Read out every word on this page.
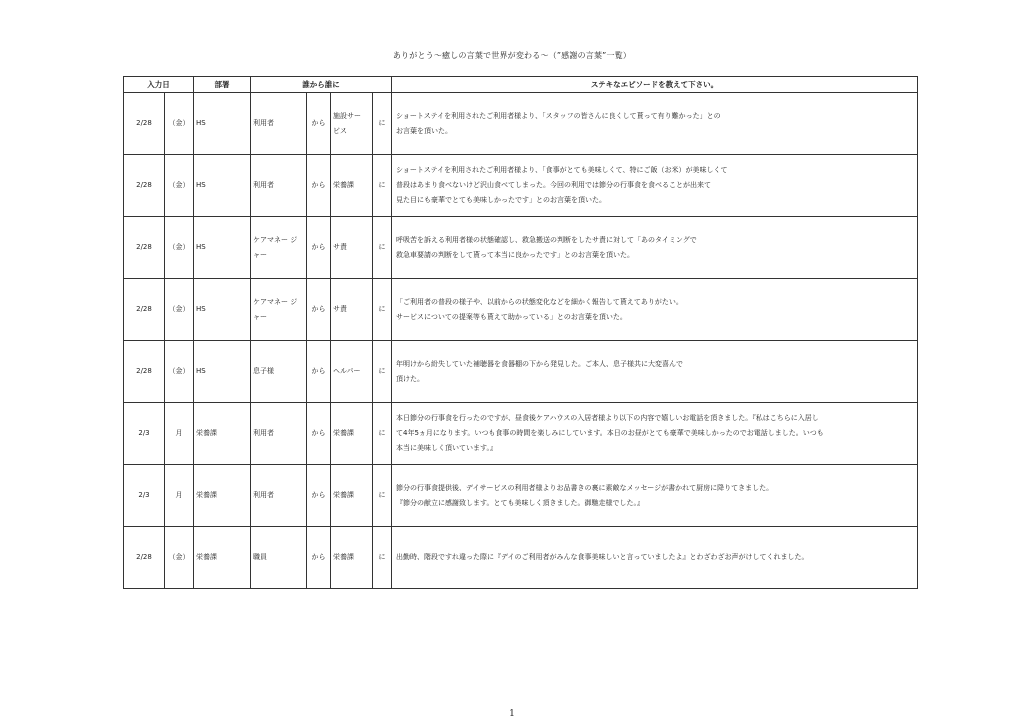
ありがとう～癒しの言葉で世界が変わる～（”感謝の言葉”一覧）
入力日		部署	誰から誰に				ステキなエピソードを教えて下さい。
2/28	（金）	HS	利用者	から	施設サー ビス	に	ショートステイを利用されたご利用者様より、「スタッフの皆さんに良くして貰って有り難かった」との
お言葉を頂いた。

2/28	（金）	HS	利用者	から	栄養課	に	ショートステイを利用されたご利用者様より、「食事がとても美味しくて、特にご飯（お米）が美味しくて
普段はあまり食べないけど沢山食べてしまった。今回の利用では節分の行事食を食べることが出来て
見た目にも豪華でとても美味しかったです」とのお言葉を頂いた。

2/28	（金）	HS	ケアマネー ジャー	から	サ責	に	呼吸苦を訴える利用者様の状態確認し、救急搬送の判断をしたサ責に対して「あのタイミングで
救急車要請の判断をして貰って本当に良かったです」とのお言葉を頂いた。

2/28	（金）	HS	ケアマネー ジャー	から	サ責	に	「ご利用者の普段の様子や、以前からの状態変化などを細かく報告して貰えてありがたい。
サービスについての提案等も貰えて助かっている」とのお言葉を頂いた。

2/28	（金）	HS	息子様	から	ヘルパー	に	年明けから紛失していた補聴器を食器棚の下から発見した。ご本人、息子様共に大変喜んで
頂けた。

2/3	月	栄養課	利用者	から	栄養課	に	本日節分の行事食を行ったのですが、昼食後ケアハウスの入居者様より以下の内容で嬉しいお電話を頂きました。『私はこちらに入居し
て4年5ヵ月になります。いつも食事の時間を楽しみにしています。本日のお昼がとても豪華で美味しかったのでお電話しました。いつも
本当に美味しく頂いています。』

2/3	月	栄養課	利用者	から	栄養課	に	節分の行事食提供後、デイサービスの利用者様よりお品書きの裏に素敵なメッセージが書かれて厨房に降りてきました。
『節分の献立に感謝致します。とても美味しく頂きました。御馳走様でした。』

2/28	（金）	栄養課	職員	から	栄養課	に	出勤時、階段ですれ違った際に『デイのご利用者がみんな食事美味しいと言っていましたよ』とわざわざお声がけしてくれました。
1
